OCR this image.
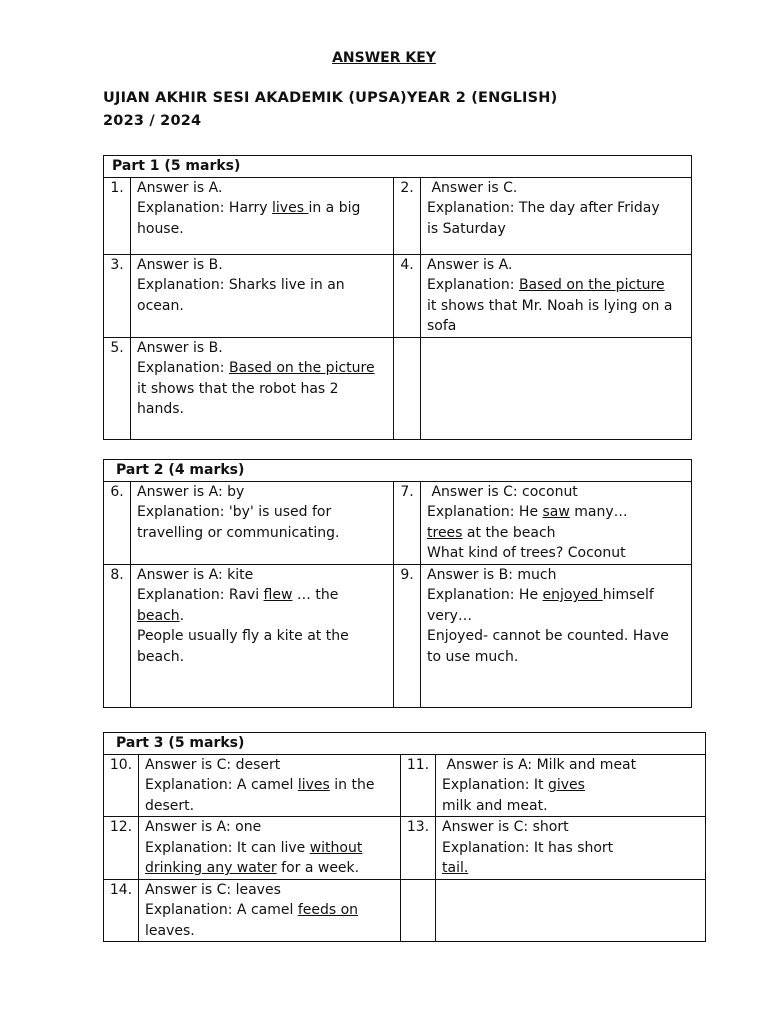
ANSWER KEY
UJIAN AKHIR SESI AKADEMIK (UPSA)YEAR 2 (ENGLISH)
2023 / 2024
Part 1 (5 marks)			
1.	Answer is A.
Explanation: Harry lives in a big
house.	2.	Answer is C.
Explanation: The day after Friday
is Saturday

3.	Answer is B.
Explanation: Sharks live in an
ocean.	4.	Answer is A.
Explanation: Based on the picture
it shows that Mr. Noah is lying on a
sofa

5.	Answer is B.
Explanation: Based on the picture
it shows that the robot has 2
hands.		

Part 2 (4 marks)			
6.	Answer is A: by
Explanation: 'by' is used for
travelling or communicating.	7.	Answer is C: coconut
Explanation: He saw many…
trees at the beach
What kind of trees? Coconut

8.	Answer is A: kite
Explanation: Ravi flew … the
beach.
People usually fly a kite at the
beach.	9.	Answer is B: much
Explanation: He enjoyed himself
very…
Enjoyed- cannot be counted. Have
to use much.
Part 3 (5 marks)			
10.	Answer is C: desert
Explanation: A camel lives in the
desert.	11.	Answer is A: Milk and meat
Explanation: It gives
milk and meat.

12.	Answer is A: one
Explanation: It can live without
drinking any water for a week.	13.	Answer is C: short
Explanation: It has short
tail.

14.	Answer is C: leaves
Explanation: A camel feeds on
leaves.		
